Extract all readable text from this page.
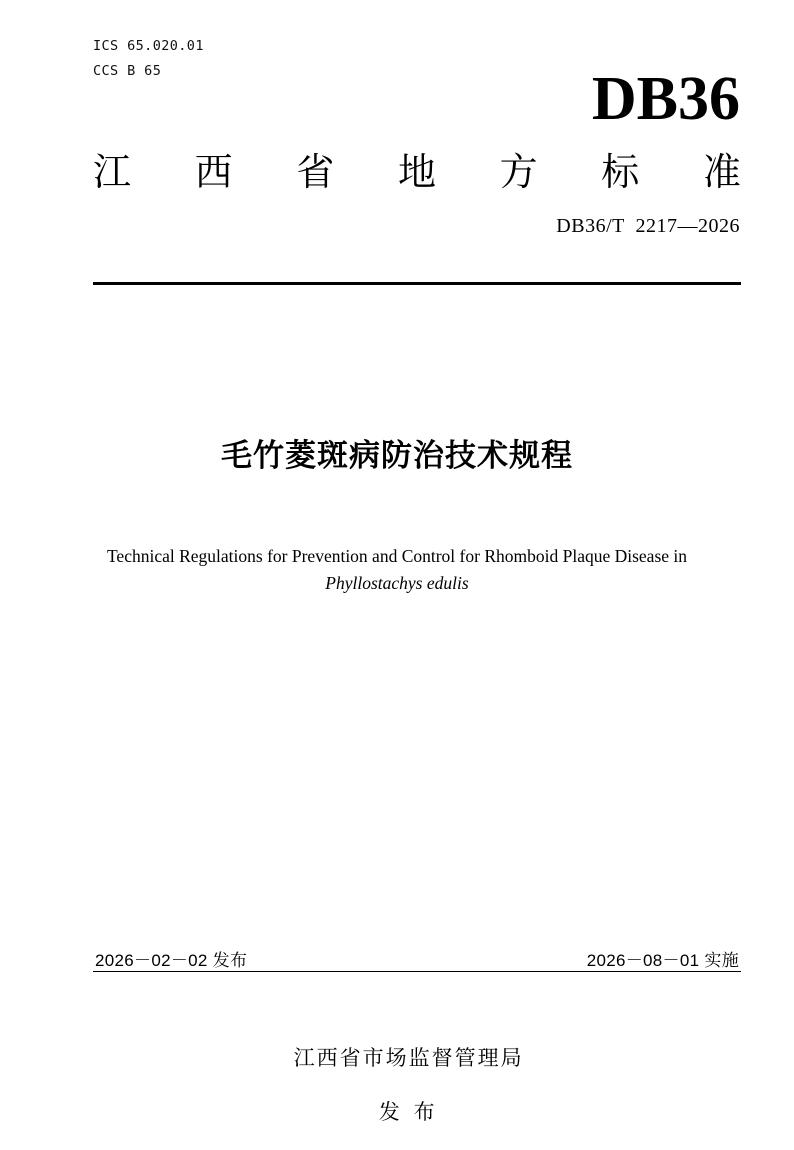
ICS 65.020.01
CCS B 65	DB36
江 西 省 地 方 标 准
DB36/T  2217—2026
毛竹菱斑病防治技术规程
Technical Regulations for Prevention and Control for Rhomboid Plaque Disease in
Phyllostachys edulis
2026－02－02 发布	2026－08－01 实施

江西省市场监督管理局

发 布
